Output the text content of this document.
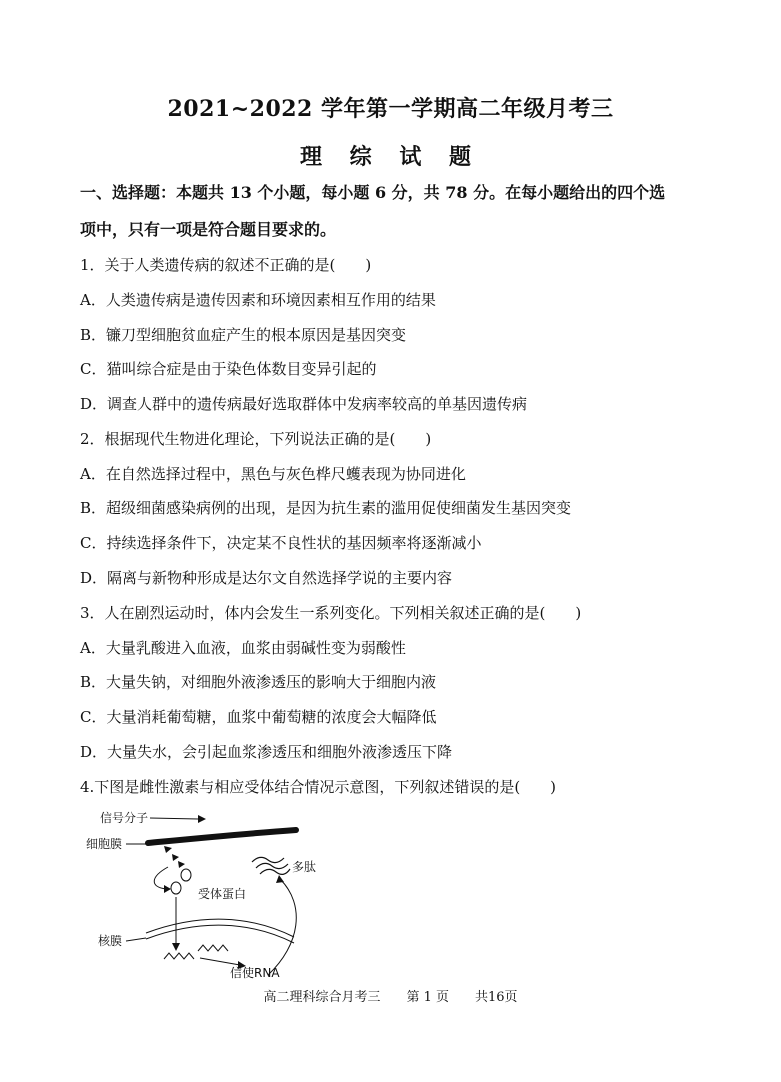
2021~2022 学年第一学期高二年级月考三
理 综 试 题
一、选择题：本题共 13 个小题，每小题 6 分，共 78 分。在每小题给出的四个选
项中，只有一项是符合题目要求的。
1．关于人类遗传病的叙述不正确的是(　　)
A．人类遗传病是遗传因素和环境因素相互作用的结果
B．镰刀型细胞贫血症产生的根本原因是基因突变
C．猫叫综合症是由于染色体数目变异引起的
D．调查人群中的遗传病最好选取群体中发病率较高的单基因遗传病
2．根据现代生物进化理论，下列说法正确的是(　　)
A．在自然选择过程中，黑色与灰色桦尺蠖表现为协同进化
B．超级细菌感染病例的出现，是因为抗生素的滥用促使细菌发生基因突变
C．持续选择条件下，决定某不良性状的基因频率将逐渐减小
D．隔离与新物种形成是达尔文自然选择学说的主要内容
3．人在剧烈运动时，体内会发生一系列变化。下列相关叙述正确的是(　　)
A．大量乳酸进入血液，血浆由弱碱性变为弱酸性
B．大量失钠，对细胞外液渗透压的影响大于细胞内液
C．大量消耗葡萄糖，血浆中葡萄糖的浓度会大幅降低
D．大量失水，会引起血浆渗透压和细胞外液渗透压下降
4.下图是雌性激素与相应受体结合情况示意图，下列叙述错误的是(　　)
信号分子
细胞膜
多肽
受体蛋白
核膜
信使RNA
高二理科综合月考三　　第 1 页　　共16页
